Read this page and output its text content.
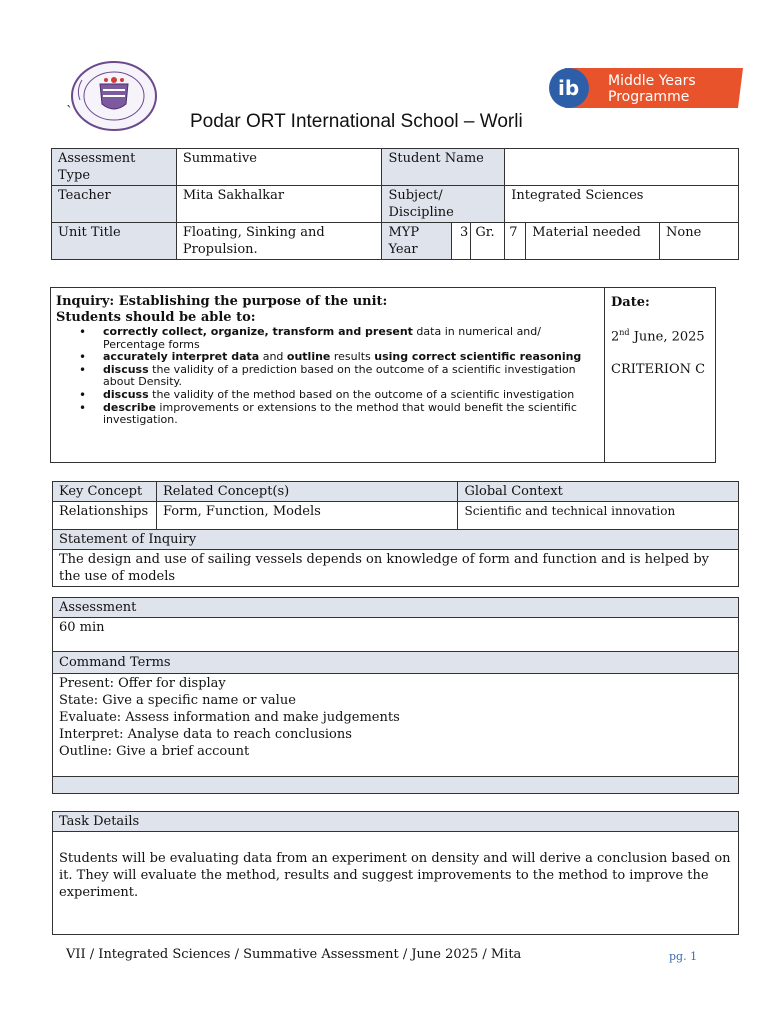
`
ib Middle Years
Programme
Podar ORT International School – Worli
Assessment Type	Summative	Student Name					
Teacher	Mita Sakhalkar	Subject/ Discipline			Integrated Sciences		
Unit Title	Floating, Sinking and Propulsion.	MYP Year	3	Gr.	7	Material needed	None
Inquiry: Establishing the purpose of the unit:
Students should be able to:
• correctly collect, organize, transform and present data in numerical and/ Percentage forms
• accurately interpret data and outline results using correct scientific reasoning
• discuss the validity of a prediction based on the outcome of a scientific investigation about Density.
• discuss the validity of the method based on the outcome of a scientific investigation
• describe improvements or extensions to the method that would benefit the scientific investigation.
Date:
2nd June, 2025
CRITERION C
Key Concept	Related Concept(s)	Global Context
Relationships	Form, Function, Models	Scientific and technical innovation
Statement of Inquiry		
The design and use of sailing vessels depends on knowledge of form and function and is helped by the use of models		
Assessment
60 min
Command Terms

Present: Offer for display
State: Give a specific name or value
Evaluate: Assess information and make judgements
Interpret: Analyse data to reach conclusions
Outline: Give a brief account

Task Details
Students will be evaluating data from an experiment on density and will derive a conclusion based on it. They will evaluate the method, results and suggest improvements to the method to improve the experiment.
VII / Integrated Sciences / Summative Assessment / June 2025 / Mita	pg. 1
